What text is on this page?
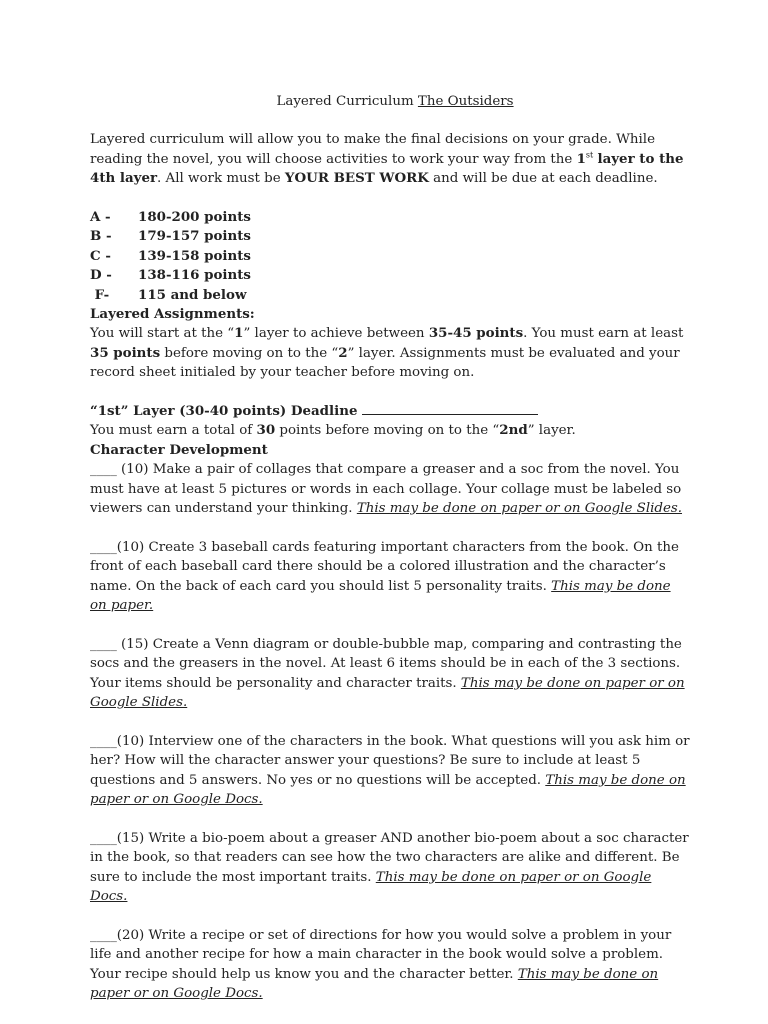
Layered Curriculum The Outsiders

Layered curriculum will allow you to make the final decisions on your grade. While reading the novel, you will choose activities to work your way from the 1st layer to the 4th layer. All work must be YOUR BEST WORK and will be due at each deadline.

A -	180-200 points
B -	179-157 points
C -	139-158 points
D -	138-116 points
F-	115 and below

Layered Assignments:

You will start at the “1” layer to achieve between 35-45 points. You must earn at least 35 points before moving on to the “2” layer. Assignments must be evaluated and your record sheet initialed by your teacher before moving on.

“1st” Layer (30-40 points) Deadline

You must earn a total of 30 points before moving on to the “2nd” layer.

Character Development

____ (10) Make a pair of collages that compare a greaser and a soc from the novel. You must have at least 5 pictures or words in each collage. Your collage must be labeled so viewers can understand your thinking. This may be done on paper or on Google Slides.

____(10) Create 3 baseball cards featuring important characters from the book. On the front of each baseball card there should be a colored illustration and the character’s name. On the back of each card you should list 5 personality traits. This may be done on paper.

____ (15) Create a Venn diagram or double-bubble map, comparing and contrasting the socs and the greasers in the novel. At least 6 items should be in each of the 3 sections. Your items should be personality and character traits. This may be done on paper or on Google Slides.

____(10) Interview one of the characters in the book. What questions will you ask him or her? How will the character answer your questions? Be sure to include at least 5 questions and 5 answers. No yes or no questions will be accepted. This may be done on paper or on Google Docs.

____(15) Write a bio-poem about a greaser AND another bio-poem about a soc character in the book, so that readers can see how the two characters are alike and different. Be sure to include the most important traits. This may be done on paper or on Google Docs.

____(20) Write a recipe or set of directions for how you would solve a problem in your life and another recipe for how a main character in the book would solve a problem. Your recipe should help us know you and the character better. This may be done on paper or on Google Docs.
